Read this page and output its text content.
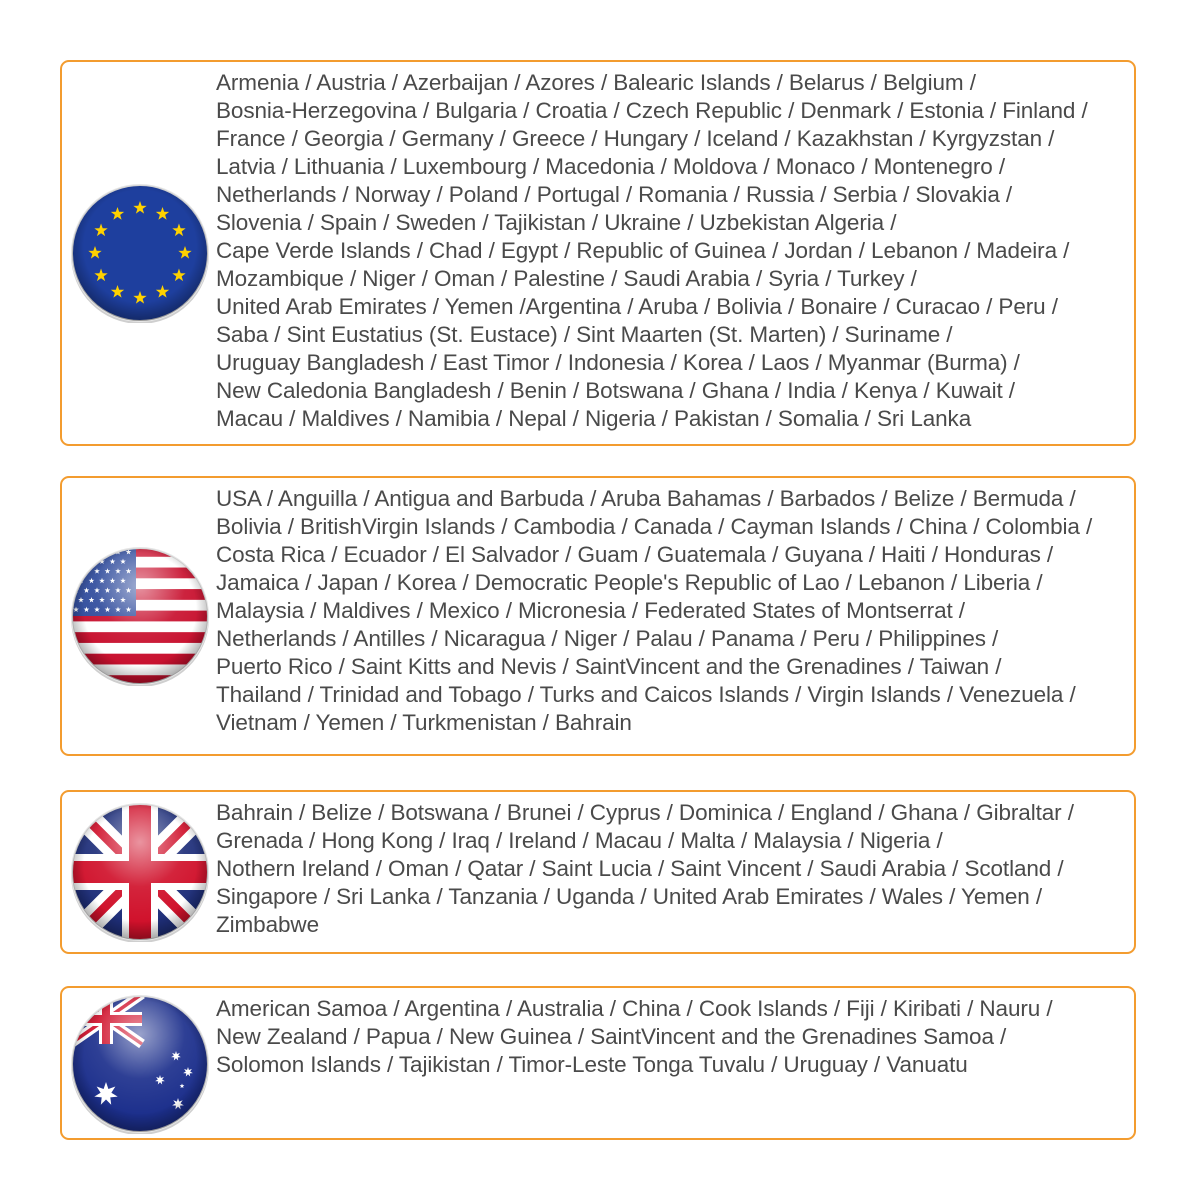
Armenia / Austria / Azerbaijan / Azores / Balearic Islands / Belarus / Belgium /
Bosnia-Herzegovina / Bulgaria / Croatia / Czech Republic / Denmark / Estonia / Finland /
France / Georgia / Germany / Greece / Hungary / Iceland / Kazakhstan / Kyrgyzstan /
Latvia / Lithuania / Luxembourg / Macedonia / Moldova / Monaco / Montenegro /
Netherlands / Norway / Poland / Portugal / Romania / Russia / Serbia / Slovakia /
Slovenia / Spain / Sweden / Tajikistan / Ukraine / Uzbekistan Algeria /
Cape Verde Islands / Chad / Egypt / Republic of Guinea / Jordan / Lebanon / Madeira /
Mozambique / Niger / Oman / Palestine / Saudi Arabia / Syria / Turkey /
United Arab Emirates / Yemen /Argentina / Aruba / Bolivia / Bonaire / Curacao / Peru /
Saba / Sint Eustatius (St. Eustace) / Sint Maarten (St. Marten) / Suriname /
Uruguay Bangladesh / East Timor / Indonesia / Korea / Laos / Myanmar (Burma) /
New Caledonia Bangladesh / Benin / Botswana / Ghana / India / Kenya / Kuwait /
Macau / Maldives / Namibia / Nepal / Nigeria / Pakistan / Somalia / Sri Lanka
USA / Anguilla / Antigua and Barbuda / Aruba Bahamas / Barbados / Belize / Bermuda /
Bolivia / BritishVirgin Islands / Cambodia / Canada / Cayman Islands / China / Colombia /
Costa Rica / Ecuador / El Salvador / Guam / Guatemala / Guyana / Haiti / Honduras /
Jamaica / Japan / Korea / Democratic People's Republic of Lao / Lebanon / Liberia /
Malaysia / Maldives / Mexico / Micronesia / Federated States of Montserrat /
Netherlands / Antilles / Nicaragua / Niger / Palau / Panama / Peru / Philippines /
Puerto Rico / Saint Kitts and Nevis / SaintVincent and the Grenadines / Taiwan /
Thailand / Trinidad and Tobago / Turks and Caicos Islands / Virgin Islands / Venezuela /
Vietnam / Yemen / Turkmenistan / Bahrain
Bahrain / Belize / Botswana / Brunei / Cyprus / Dominica / England / Ghana / Gibraltar /
Grenada / Hong Kong / Iraq / Ireland / Macau / Malta / Malaysia / Nigeria /
Nothern Ireland / Oman / Qatar / Saint Lucia / Saint Vincent / Saudi Arabia / Scotland /
Singapore / Sri Lanka / Tanzania / Uganda / United Arab Emirates / Wales / Yemen /
Zimbabwe
American Samoa / Argentina / Australia / China / Cook Islands / Fiji / Kiribati / Nauru /
New Zealand / Papua / New Guinea / SaintVincent and the Grenadines Samoa /
Solomon Islands / Tajikistan / Timor-Leste Tonga Tuvalu / Uruguay / Vanuatu
